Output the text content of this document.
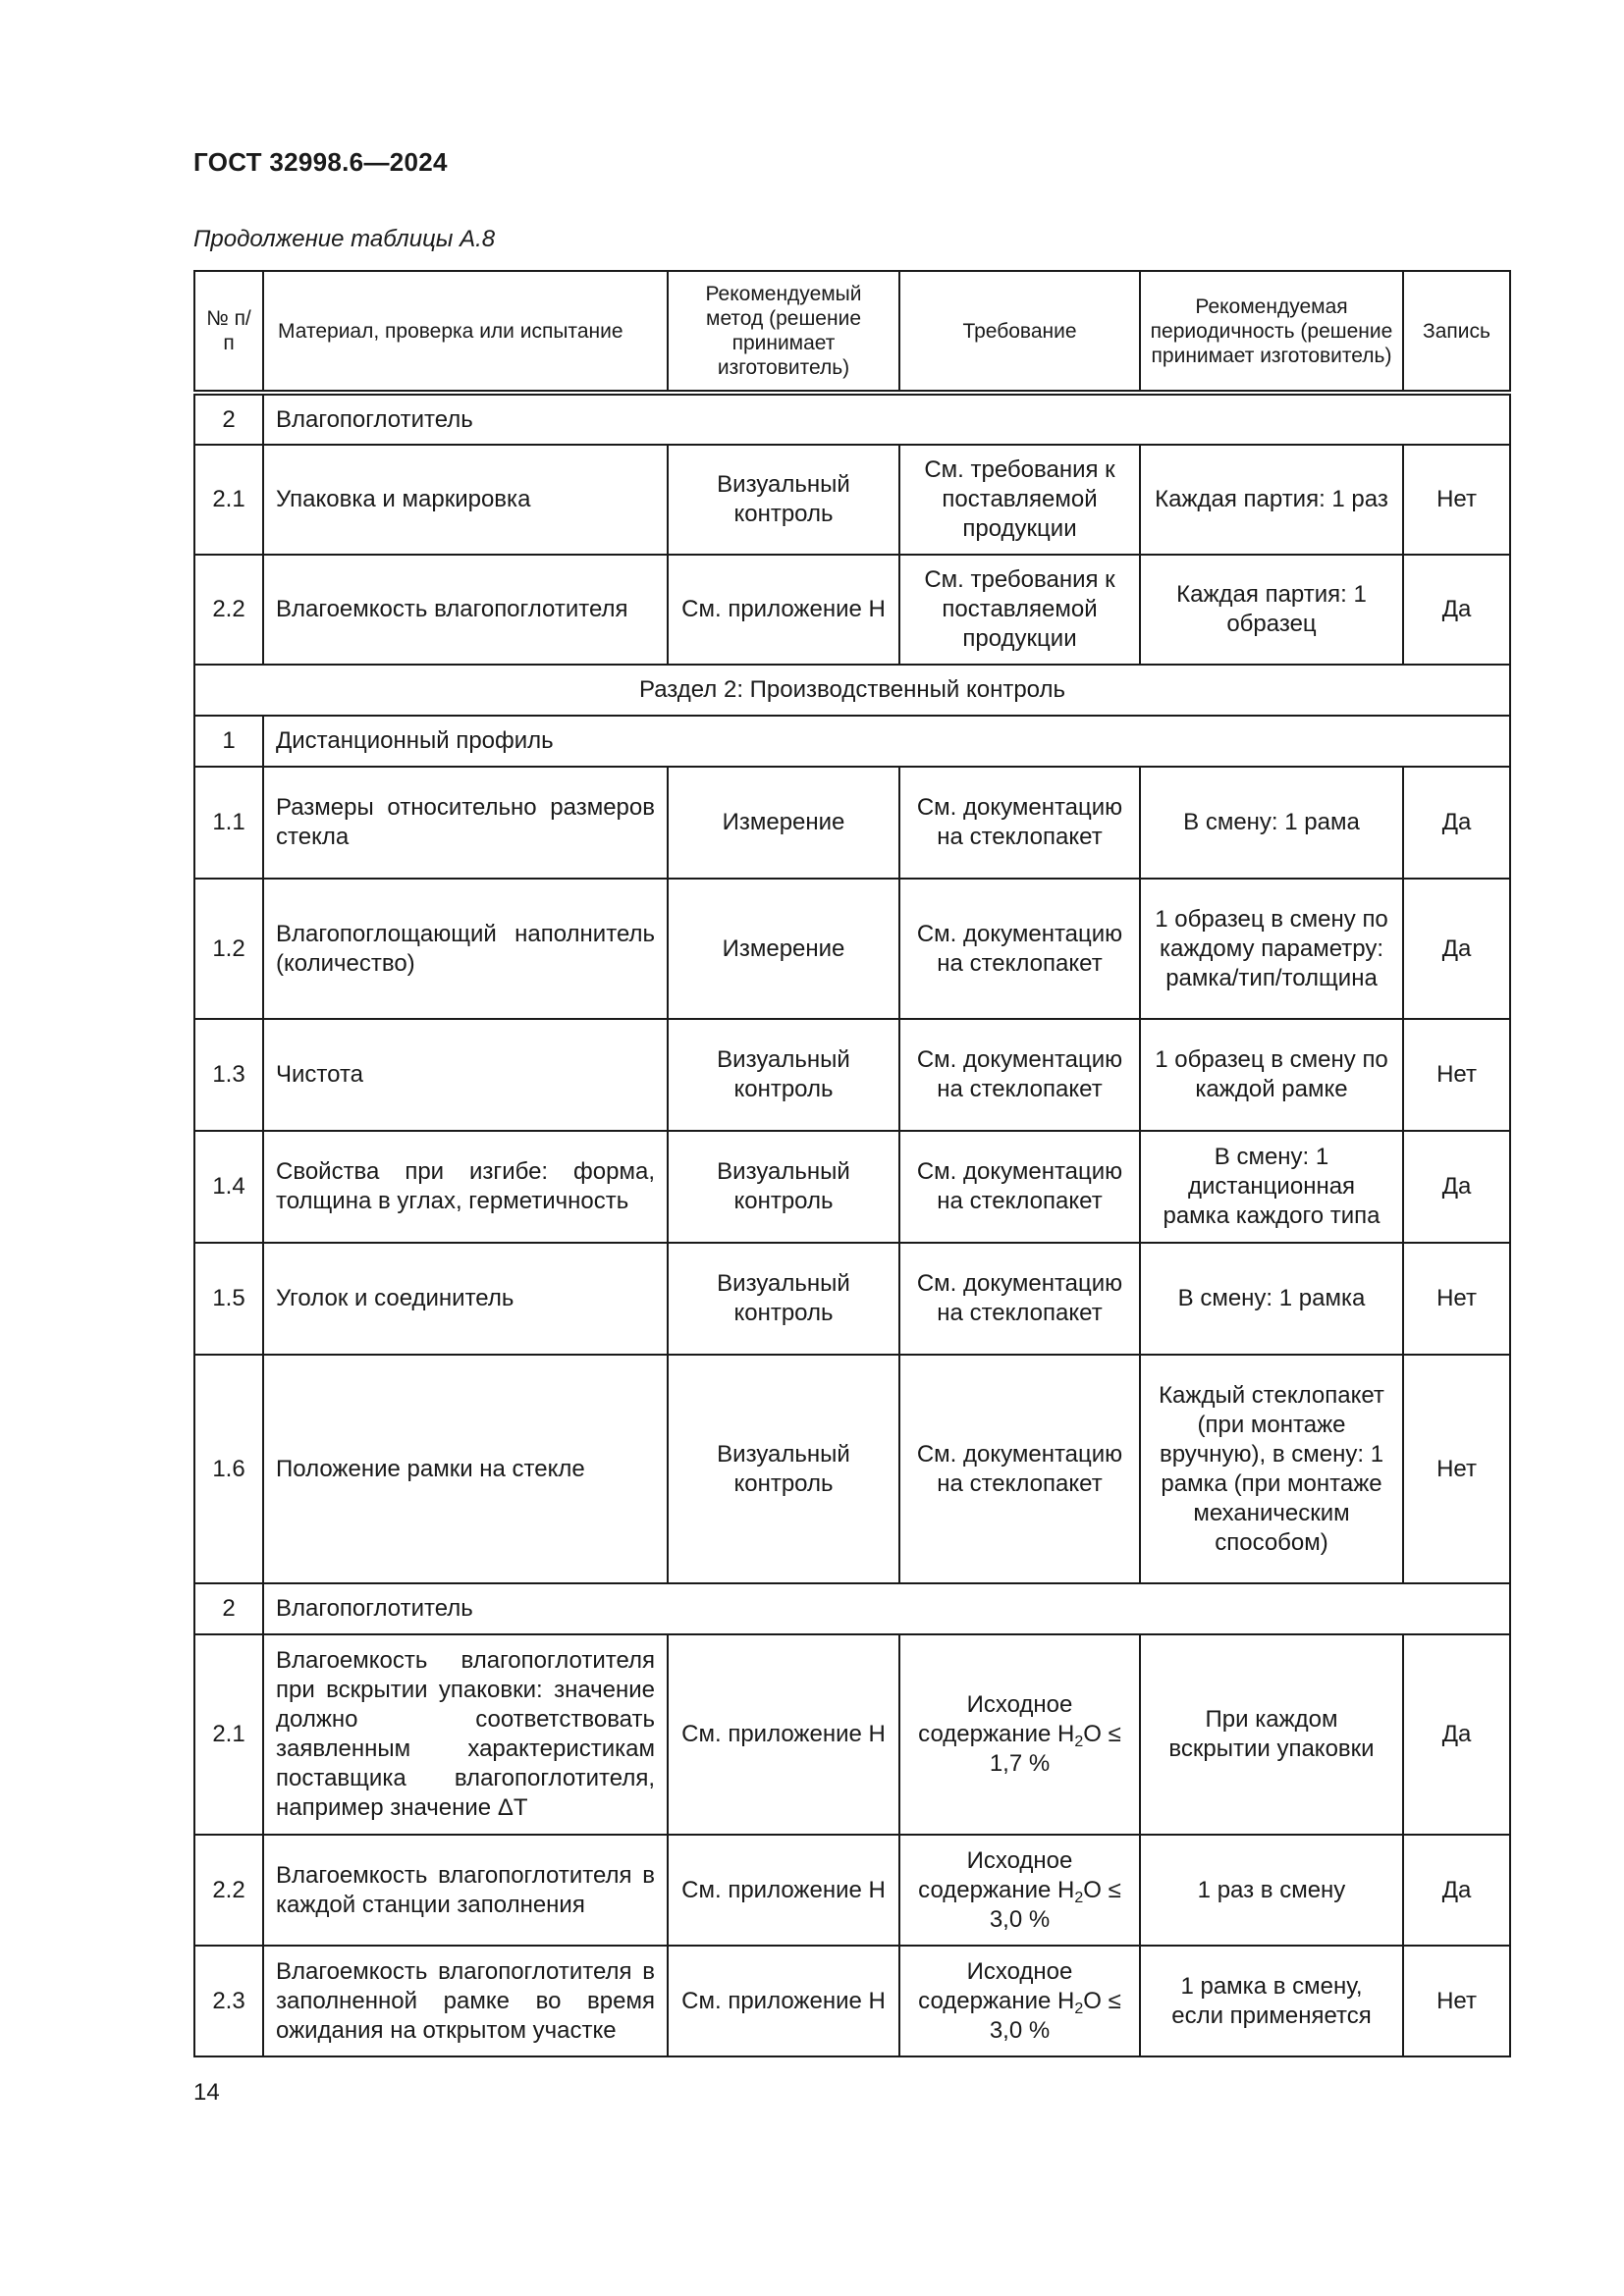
ГОСТ 32998.6—2024
Продолжение таблицы А.8
№ п/п	Материал, проверка или испытание	Рекомендуемый метод (решение принимает изготовитель)	Требование	Рекомендуемая периодичность (решение принимает изготовитель)	Запись
2	Влагопоглотитель				
2.1	Упаковка и маркировка	Визуальный контроль	См. требования к поставляемой продукции	Каждая партия: 1 раз	Нет
2.2	Влагоемкость влагопоглотителя	См. приложение Н	См. требования к поставляемой продукции	Каждая партия: 1 образец	Да
Раздел 2: Производственный контроль					
1	Дистанционный профиль				
1.1	Размеры относительно размеров стекла	Измерение	См. документацию на стеклопакет	В смену: 1 рама	Да
1.2	Влагопоглощающий наполнитель (количество)	Измерение	См. документацию на стеклопакет	1 образец в смену по каждому параметру: рамка/тип/толщина	Да
1.3	Чистота	Визуальный контроль	См. документацию на стеклопакет	1 образец в смену по каждой рамке	Нет
1.4	Свойства при изгибе: форма, толщина в углах, герметичность	Визуальный контроль	См. документацию на стеклопакет	В смену: 1 дистанционная рамка каждого типа	Да
1.5	Уголок и соединитель	Визуальный контроль	См. документацию на стеклопакет	В смену: 1 рамка	Нет
1.6	Положение рамки на стекле	Визуальный контроль	См. документацию на стеклопакет	Каждый стеклопакет (при монтаже вручную), в смену: 1 рамка (при монтаже механическим способом)	Нет
2	Влагопоглотитель				
2.1	Влагоемкость влагопоглотителя при вскрытии упаковки: значение должно соответствовать заявленным характеристикам поставщика влагопоглотителя, например значение ΔT	См. приложение Н	Исходное содержание $H_2O \le 1,7$ %	При каждом вскрытии упаковки	Да
2.2	Влагоемкость влагопоглотителя в каждой станции заполнения	См. приложение Н	Исходное содержание $H_2O \le 3,0$ %	1 раз в смену	Да
2.3	Влагоемкость влагопоглотителя в заполненной рамке во время ожидания на открытом участке	См. приложение Н	Исходное содержание $H_2O \le 3,0$ %	1 рамка в смену, если применяется	Нет
14
